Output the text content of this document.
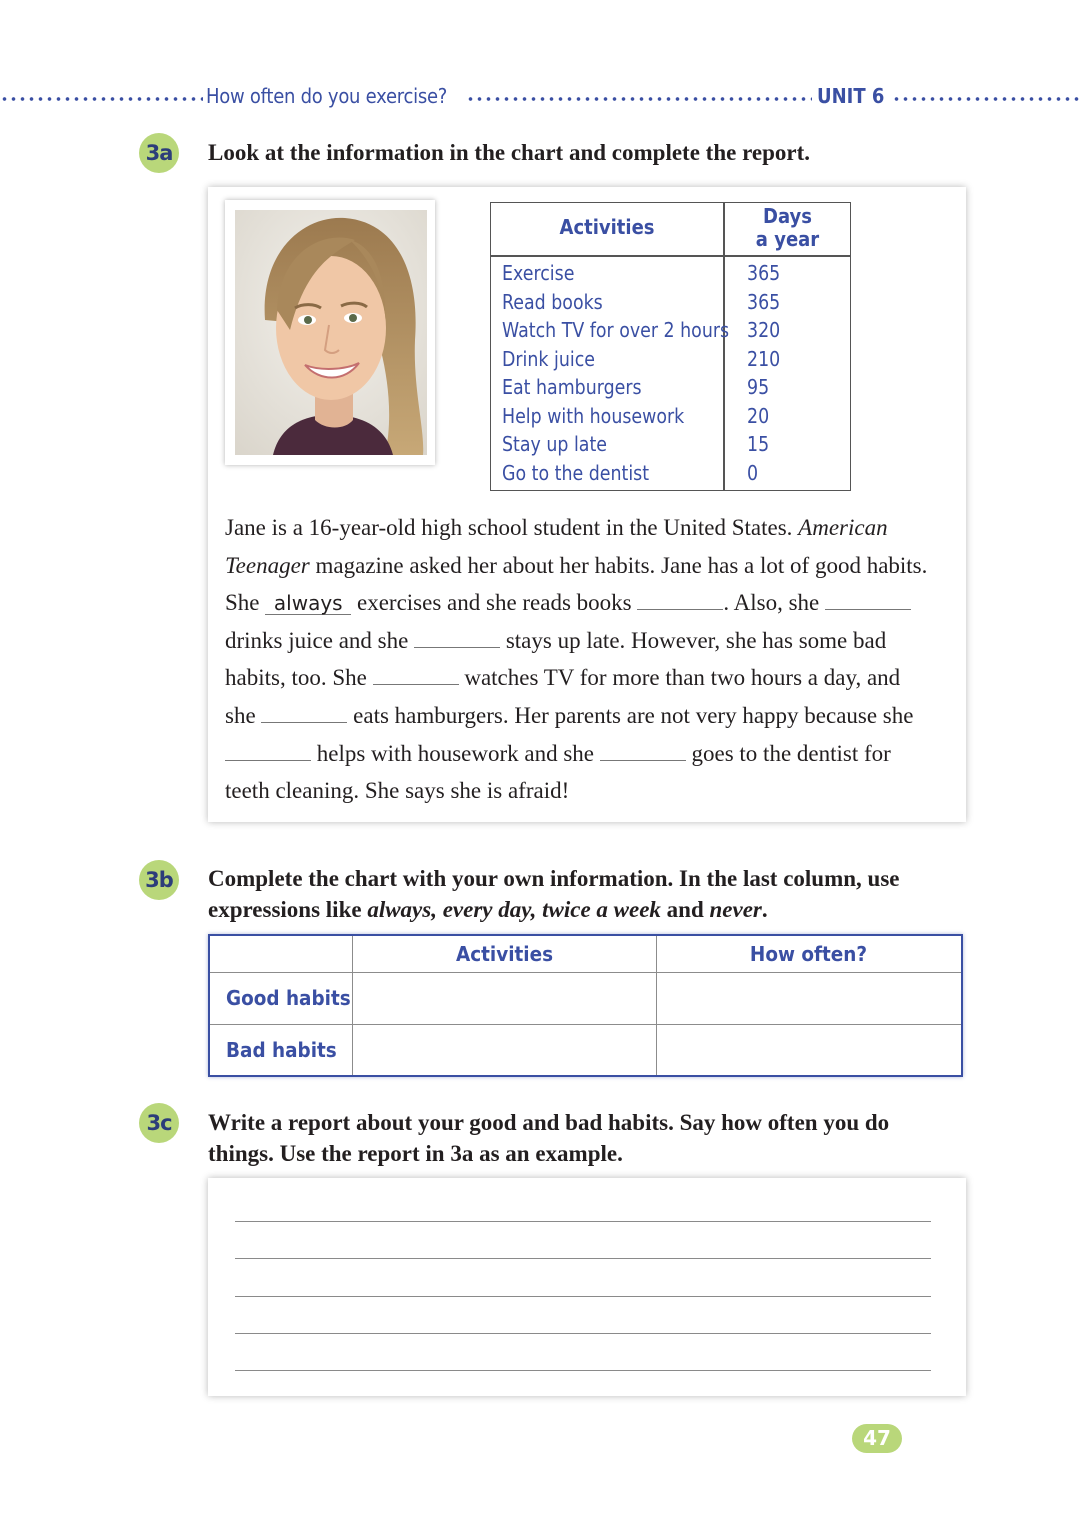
How often do you exercise?	UNIT 6
3a Look at the information in the chart and complete the report.
Activities	Days
a year
Exercise	365
Read books	365
Watch TV for over 2 hours 320
Drink juice	210
Eat hamburgers	95
Help with housework	20
Stay up late	15
Go to the dentist	0
Jane is a 16-year-old high school student in the United States. American
Teenager magazine asked her about her habits. Jane has a lot of good habits.
She always exercises and she reads books	. Also, she
drinks juice and she	stays up late. However, she has some bad
habits, too. She	watches TV for more than two hours a day, and
she	eats hamburgers. Her parents are not very happy because she
helps with housework and she	goes to the dentist for
teeth cleaning. She says she is afraid!
3b Complete the chart with your own information. In the last column, use
expressions like always, every day, twice a week and never.
Activities	How often?
Good habits
Bad habits
3c	Write a report about your good and bad habits. Say how often you do
things. Use the report in 3a as an example.
47
